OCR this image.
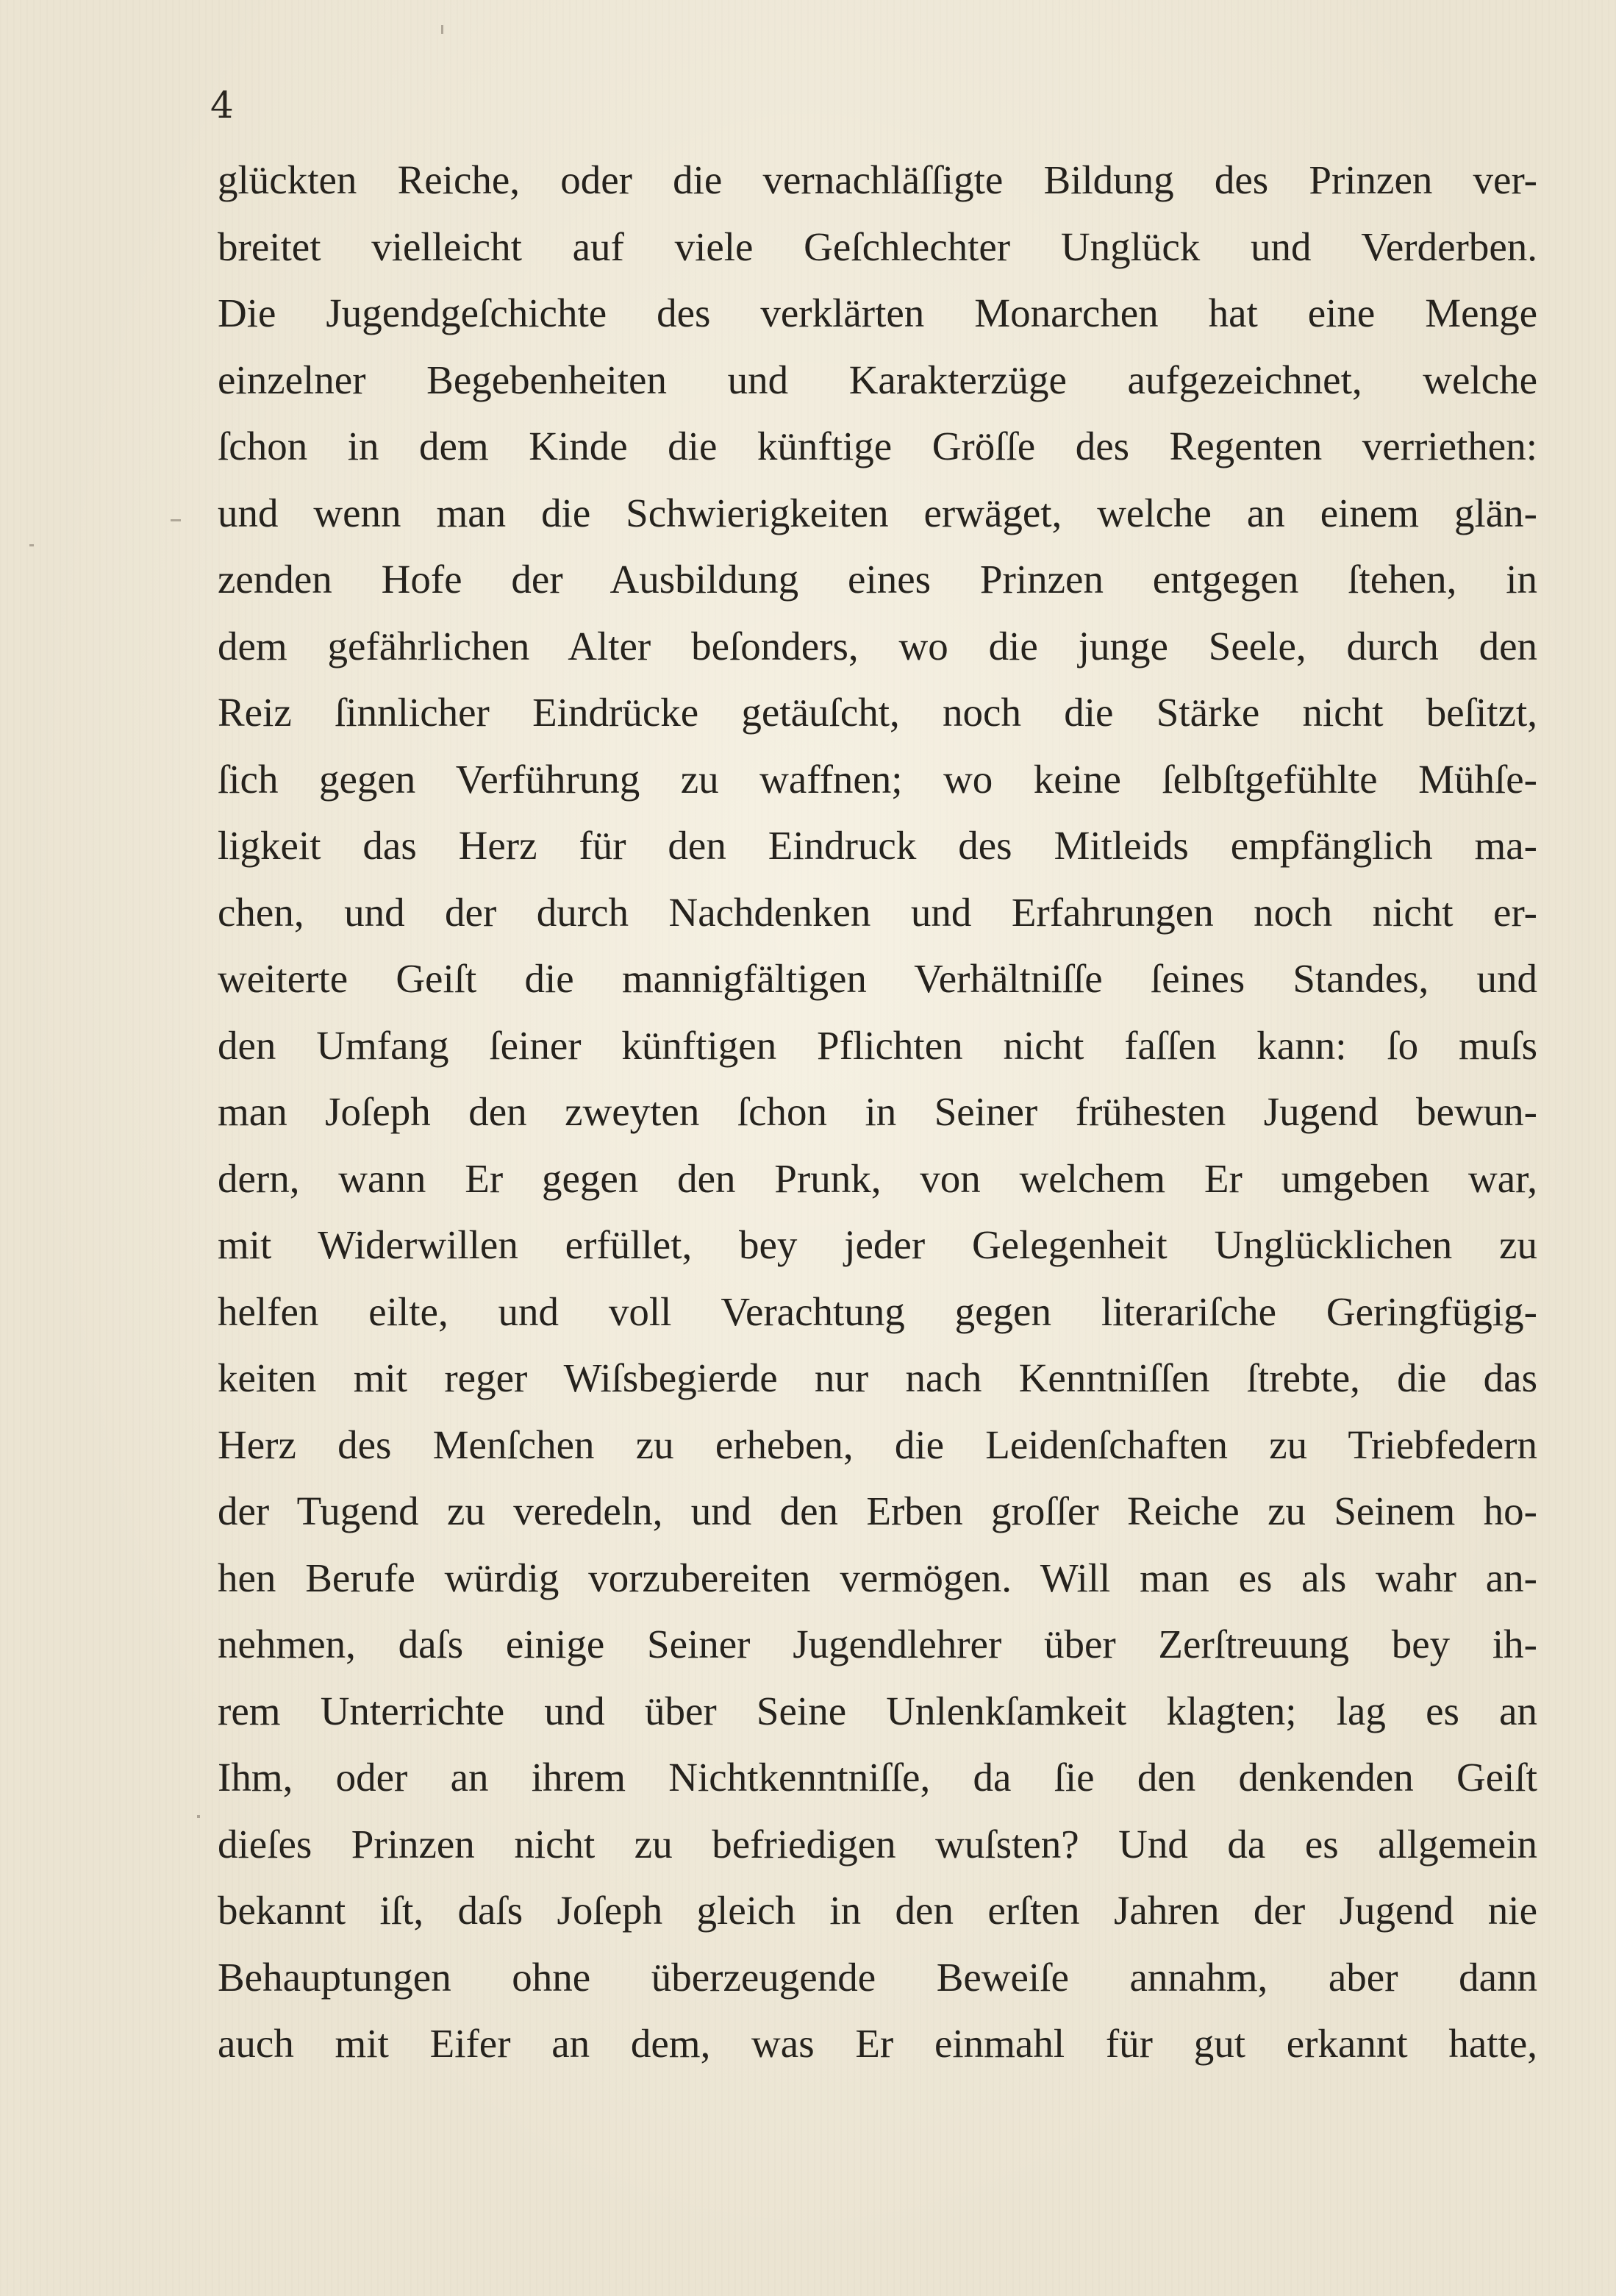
4
glückten Reiche, oder die vernachläſſigte Bildung des Prinzen ver-
breitet vielleicht auf viele Geſchlechter Unglück und Verderben.
Die Jugendgeſchichte des verklärten Monarchen hat eine Menge
einzelner Begebenheiten und Karakterzüge aufgezeichnet, welche
ſchon in dem Kinde die künftige Gröſſe des Regenten verriethen:
und wenn man die Schwierigkeiten erwäget, welche an einem glän-
zenden Hofe der Ausbildung eines Prinzen entgegen ſtehen, in
dem gefährlichen Alter beſonders, wo die junge Seele, durch den
Reiz ſinnlicher Eindrücke getäuſcht, noch die Stärke nicht beſitzt,
ſich gegen Verführung zu waffnen; wo keine ſelbſtgefühlte Mühſe-
ligkeit das Herz für den Eindruck des Mitleids empfänglich ma-
chen, und der durch Nachdenken und Erfahrungen noch nicht er-
weiterte Geiſt die mannigfältigen Verhältniſſe ſeines Standes, und
den Umfang ſeiner künftigen Pflichten nicht faſſen kann: ſo muſs
man Joſeph den zweyten ſchon in Seiner frühesten Jugend bewun-
dern, wann Er gegen den Prunk, von welchem Er umgeben war,
mit Widerwillen erfüllet, bey jeder Gelegenheit Unglücklichen zu
helfen eilte, und voll Verachtung gegen literariſche Geringfügig-
keiten mit reger Wiſsbegierde nur nach Kenntniſſen ſtrebte, die das
Herz des Menſchen zu erheben, die Leidenſchaften zu Triebfedern
der Tugend zu veredeln, und den Erben groſſer Reiche zu Seinem ho-
hen Berufe würdig vorzubereiten vermögen. Will man es als wahr an-
nehmen, daſs einige Seiner Jugendlehrer über Zerſtreuung bey ih-
rem Unterrichte und über Seine Unlenkſamkeit klagten; lag es an
Ihm, oder an ihrem Nichtkenntniſſe, da ſie den denkenden Geiſt
dieſes Prinzen nicht zu befriedigen wuſsten? Und da es allgemein
bekannt iſt, daſs Joſeph gleich in den erſten Jahren der Jugend nie
Behauptungen ohne überzeugende Beweiſe annahm, aber dann
auch mit Eifer an dem, was Er einmahl für gut erkannt hatte,
